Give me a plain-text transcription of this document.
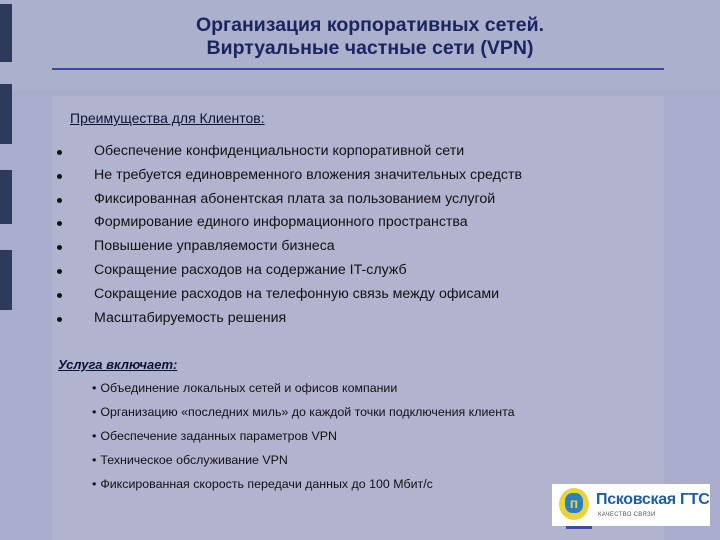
Организация корпоративных сетей.
Виртуальные частные сети (VPN)
Преимущества для Клиентов:
Обеспечение конфиденциальности корпоративной сети
Не требуется единовременного вложения значительных средств
Фиксированная абонентская плата за пользованием услугой
Формирование единого информационного пространства
Повышение управляемости бизнеса
Сокращение расходов на содержание IT-служб
Сокращение расходов на телефонную связь между офисами
Масштабируемость решения
Услуга включает:
• Объединение локальных сетей и офисов компании
• Организацию «последних миль» до каждой точки подключения клиента
• Обеспечение заданных параметров VPN
• Техническое обслуживание VPN
• Фиксированная скорость передачи данных до 100 Мбит/с
п Псковская ГТС
КАЧЕСТВО СВЯЗИ
